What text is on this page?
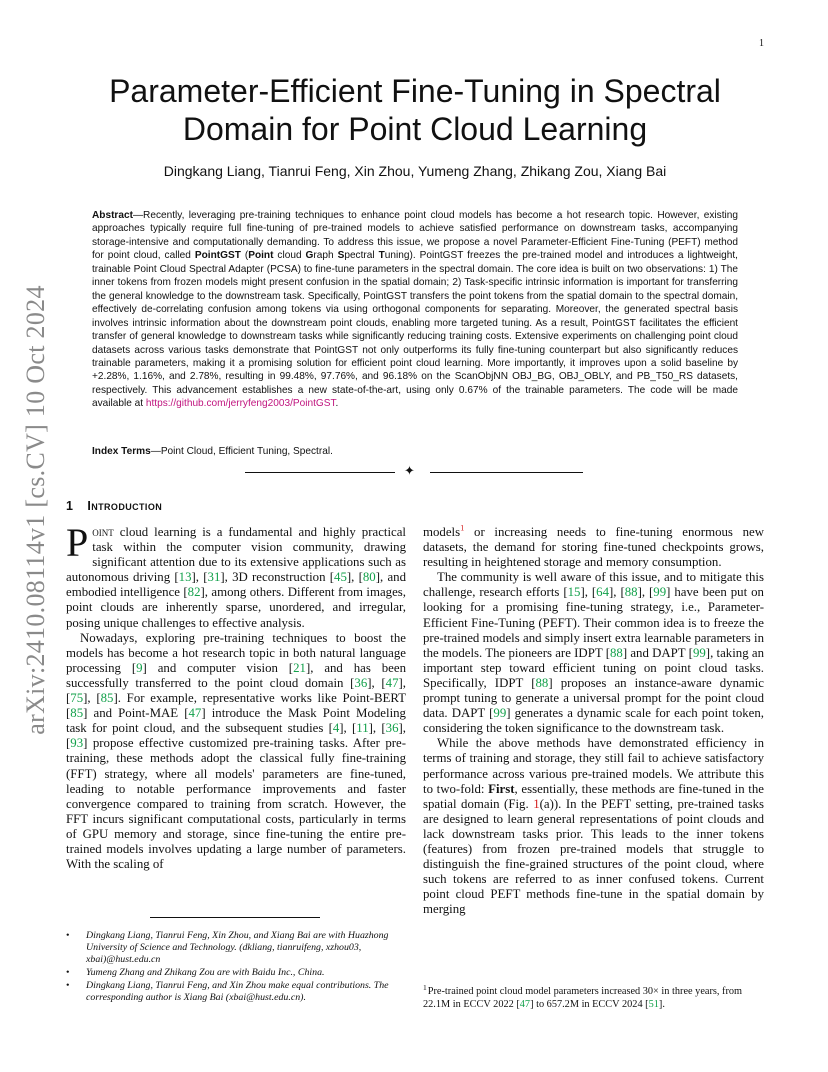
1
arXiv:2410.08114v1 [cs.CV] 10 Oct 2024
Parameter-Efficient Fine-Tuning in Spectral
Domain for Point Cloud Learning
Dingkang Liang, Tianrui Feng, Xin Zhou, Yumeng Zhang, Zhikang Zou, Xiang Bai
Abstract—Recently, leveraging pre-training techniques to enhance point cloud models has become a hot research topic. However, existing approaches typically require full fine-tuning of pre-trained models to achieve satisfied performance on downstream tasks, accompanying storage-intensive and computationally demanding. To address this issue, we propose a novel Parameter-Efficient Fine-Tuning (PEFT) method for point cloud, called PointGST (Point cloud Graph Spectral Tuning). PointGST freezes the pre-trained model and introduces a lightweight, trainable Point Cloud Spectral Adapter (PCSA) to fine-tune parameters in the spectral domain. The core idea is built on two observations: 1) The inner tokens from frozen models might present confusion in the spatial domain; 2) Task-specific intrinsic information is important for transferring the general knowledge to the downstream task. Specifically, PointGST transfers the point tokens from the spatial domain to the spectral domain, effectively de-correlating confusion among tokens via using orthogonal components for separating. Moreover, the generated spectral basis involves intrinsic information about the downstream point clouds, enabling more targeted tuning. As a result, PointGST facilitates the efficient transfer of general knowledge to downstream tasks while significantly reducing training costs. Extensive experiments on challenging point cloud datasets across various tasks demonstrate that PointGST not only outperforms its fully fine-tuning counterpart but also significantly reduces trainable parameters, making it a promising solution for efficient point cloud learning. More importantly, it improves upon a solid baseline by +2.28%, 1.16%, and 2.78%, resulting in 99.48%, 97.76%, and 96.18% on the ScanObjNN OBJ_BG, OBJ_OBLY, and PB_T50_RS datasets, respectively. This advancement establishes a new state-of-the-art, using only 0.67% of the trainable parameters. The code will be made available at https://github.com/jerryfeng2003/PointGST.
Index Terms—Point Cloud, Efficient Tuning, Spectral.
✦
1 Introduction

Point cloud learning is a fundamental and highly practical task within the computer vision community, drawing significant attention due to its extensive applications such as autonomous driving [13], [31], 3D reconstruction [45], [80], and embodied intelligence [82], among others. Different from images, point clouds are inherently sparse, unordered, and irregular, posing unique challenges to effective analysis.

Nowadays, exploring pre-training techniques to boost the models has become a hot research topic in both natural language processing [9] and computer vision [21], and has been successfully transferred to the point cloud domain [36], [47], [75], [85]. For example, representative works like Point-BERT [85] and Point-MAE [47] introduce the Mask Point Modeling task for point cloud, and the subsequent studies [4], [11], [36], [93] propose effective customized pre-training tasks. After pre-training, these methods adopt the classical fully fine-training (FFT) strategy, where all models' parameters are fine-tuned, leading to notable performance improvements and faster convergence compared to training from scratch. However, the FFT incurs significant computational costs, particularly in terms of GPU memory and storage, since fine-tuning the entire pre-trained models involves updating a large number of parameters. With the scaling of

models$^1$ or increasing needs to fine-tuning enormous new datasets, the demand for storing fine-tuned checkpoints grows, resulting in heightened storage and memory consumption.

The community is well aware of this issue, and to mitigate this challenge, research efforts [15], [64], [88], [99] have been put on looking for a promising fine-tuning strategy, i.e., Parameter-Efficient Fine-Tuning (PEFT). Their common idea is to freeze the pre-trained models and simply insert extra learnable parameters in the models. The pioneers are IDPT [88] and DAPT [99], taking an important step toward efficient tuning on point cloud tasks. Specifically, IDPT [88] proposes an instance-aware dynamic prompt tuning to generate a universal prompt for the point cloud data. DAPT [99] generates a dynamic scale for each point token, considering the token significance to the downstream task.

While the above methods have demonstrated efficiency in terms of training and storage, they still fail to achieve satisfactory performance across various pre-trained models. We attribute this to two-fold: First, essentially, these methods are fine-tuned in the spatial domain (Fig. 1(a)). In the PEFT setting, pre-trained tasks are designed to learn general representations of point clouds and lack downstream tasks prior. This leads to the inner tokens (features) from frozen pre-trained models that struggle to distinguish the fine-grained structures of the point cloud, where such tokens are referred to as inner confused tokens. Current point cloud PEFT methods fine-tune in the spatial domain by merging

• Dingkang Liang, Tianrui Feng, Xin Zhou, and Xiang Bai are with Huazhong University of Science and Technology. (dkliang, tianruifeng, xzhou03, xbai)@hust.edu.cn
• Yumeng Zhang and Zhikang Zou are with Baidu Inc., China.
• Dingkang Liang, Tianrui Feng, and Xin Zhou make equal contributions. The corresponding author is Xiang Bai (xbai@hust.edu.cn).
$^1$Pre-trained point cloud model parameters increased 30× in three years, from 22.1M in ECCV 2022 [47] to 657.2M in ECCV 2024 [51].
